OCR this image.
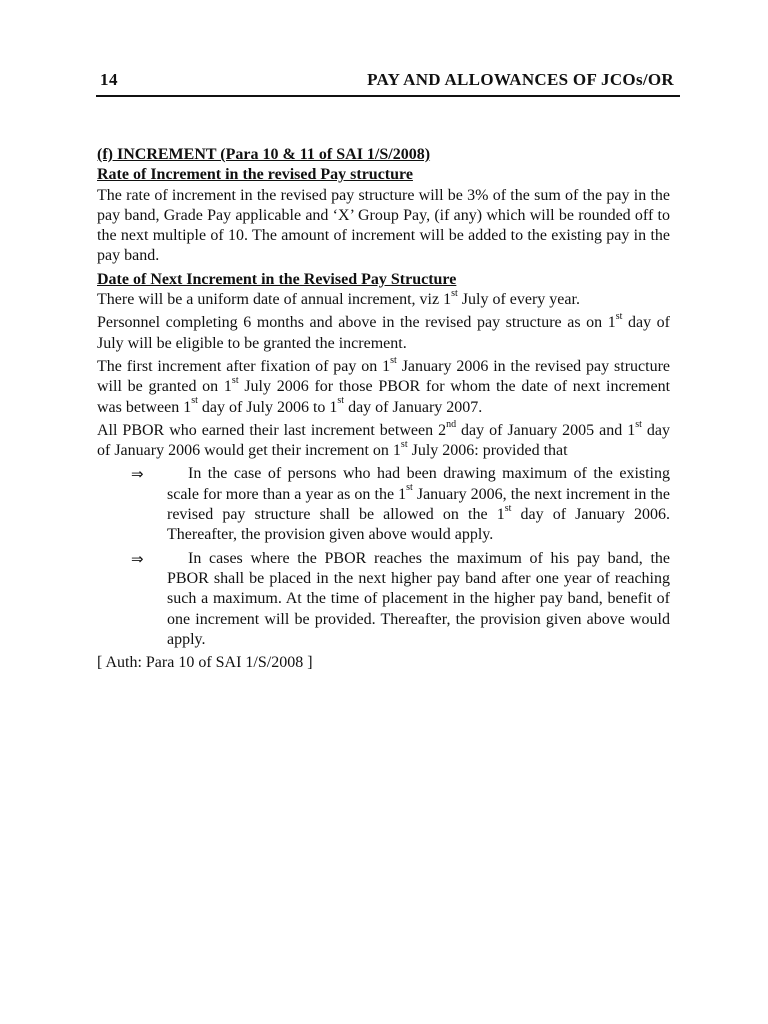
14	PAY AND ALLOWANCES OF JCOs/OR

(f) INCREMENT (Para 10 & 11 of SAI 1/S/2008)

Rate of Increment in the revised Pay structure

The rate of increment in the revised pay structure will be 3% of the sum of the pay in the pay band, Grade Pay applicable and ‘X’ Group Pay, (if any) which will be rounded off to the next multiple of 10. The amount of increment will be added to the existing pay in the pay band.

Date of Next Increment in the Revised Pay Structure

There will be a uniform date of annual increment, viz 1st July of every year.

Personnel completing 6 months and above in the revised pay structure as on 1st day of July will be eligible to be granted the increment.

The first increment after fixation of pay on 1st January 2006 in the revised pay structure will be granted on 1st July 2006 for those PBOR for whom the date of next increment was between 1st day of July 2006 to 1st day of January 2007.

All PBOR who earned their last increment between 2nd day of January 2005 and 1st day of January 2006 would get their increment on 1st July 2006: provided that

⇒	In the case of persons who had been drawing maximum of the existing scale for more than a year as on the 1st January 2006, the next increment in the revised pay structure shall be allowed on the 1st day of January 2006. Thereafter, the provision given above would apply.
⇒	In cases where the PBOR reaches the maximum of his pay band, the PBOR shall be placed in the next higher pay band after one year of reaching such a maximum. At the time of placement in the higher pay band, benefit of one increment will be provided. Thereafter, the provision given above would apply.

[ Auth: Para 10 of SAI 1/S/2008 ]
